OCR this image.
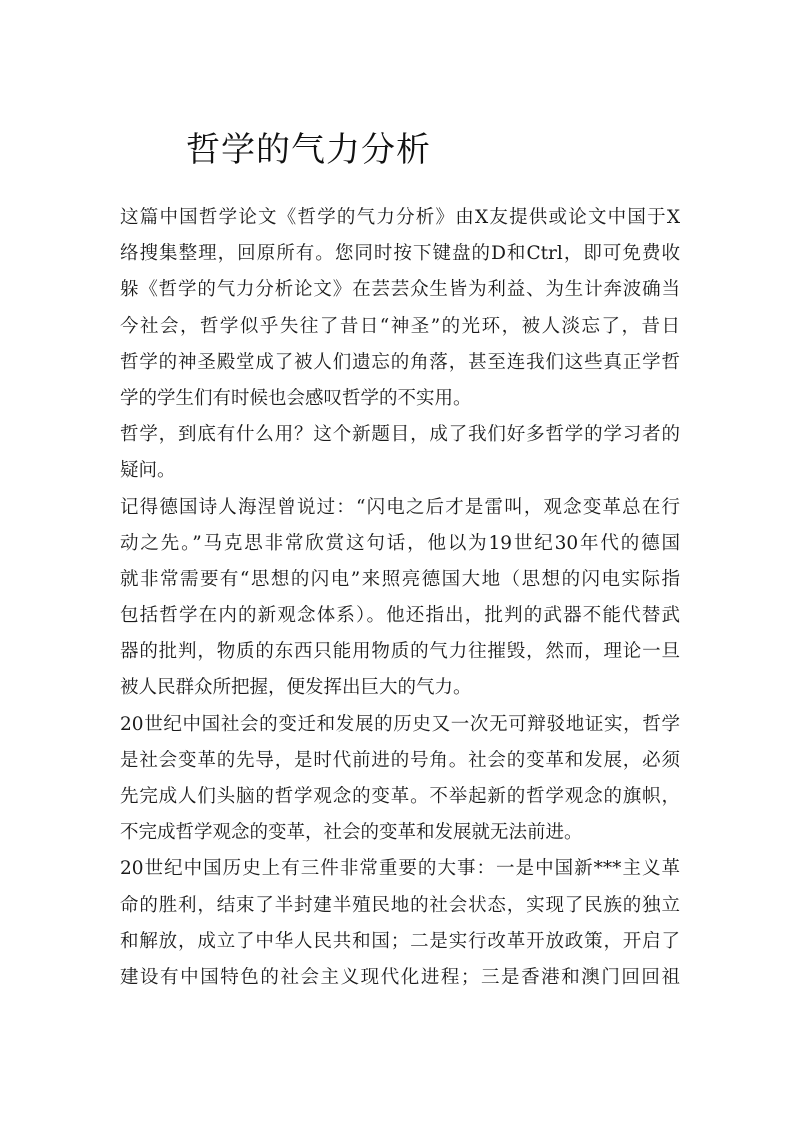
哲学的气力分析
这篇中国哲学论文《哲学的气力分析》由X友提供或论文中国于X
络搜集整理，回原所有。您同时按下键盘的D和Ctrl，即可免费收
躲《哲学的气力分析论文》在芸芸众生皆为利益、为生计奔波确当
今社会，哲学似乎失往了昔日“神圣”的光环，被人淡忘了，昔日
哲学的神圣殿堂成了被人们遗忘的角落，甚至连我们这些真正学哲
学的学生们有时候也会感叹哲学的不实用。
哲学，到底有什么用？这个新题目，成了我们好多哲学的学习者的
疑问。
记得德国诗人海涅曾说过：“闪电之后才是雷叫，观念变革总在行
动之先。”马克思非常欣赏这句话，他以为19世纪30年代的德国
就非常需要有“思想的闪电”来照亮德国大地（思想的闪电实际指
包括哲学在内的新观念体系）。他还指出，批判的武器不能代替武
器的批判，物质的东西只能用物质的气力往摧毁，然而，理论一旦
被人民群众所把握，便发挥出巨大的气力。
20世纪中国社会的变迁和发展的历史又一次无可辩驳地证实，哲学
是社会变革的先导，是时代前进的号角。社会的变革和发展，必须
先完成人们头脑的哲学观念的变革。不举起新的哲学观念的旗帜，
不完成哲学观念的变革，社会的变革和发展就无法前进。
20世纪中国历史上有三件非常重要的大事：一是中国新***主义革
命的胜利，结束了半封建半殖民地的社会状态，实现了民族的独立
和解放，成立了中华人民共和国；二是实行改革开放政策，开启了
建设有中国特色的社会主义现代化进程；三是香港和澳门回回祖
